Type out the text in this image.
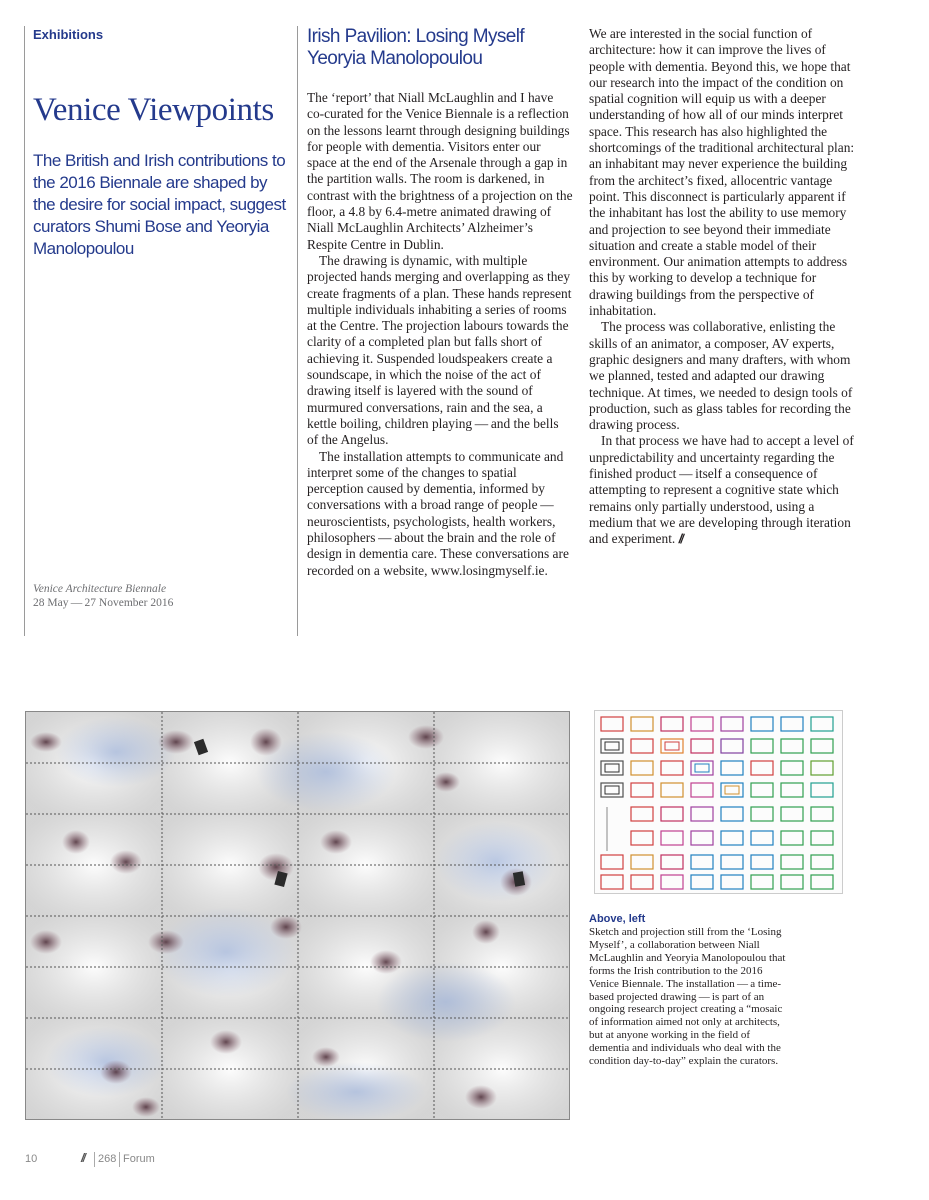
Exhibitions
Venice Viewpoints
The British and Irish contributions to the 2016 Biennale are shaped by the desire for social impact, suggest curators Shumi Bose and Yeoryia Manolopoulou
Venice Architecture Biennale
28 May — 27 November 2016
Irish Pavilion: Losing Myself
Yeoryia Manolopoulou

The ‘report’ that Niall McLaughlin and I have co-curated for the Venice Biennale is a reflection on the lessons learnt through designing buildings for people with dementia. Visitors enter our space at the end of the Arsenale through a gap in the partition walls. The room is darkened, in contrast with the brightness of a projection on the floor, a 4.8 by 6.4-metre animated drawing of Niall McLaughlin Architects’ Alzheimer’s Respite Centre in Dublin.

The drawing is dynamic, with multiple projected hands merging and overlapping as they create fragments of a plan. These hands represent multiple individuals inhabiting a series of rooms at the Centre. The projection labours towards the clarity of a completed plan but falls short of achieving it. Suspended loudspeakers create a soundscape, in which the noise of the act of drawing itself is layered with the sound of murmured conversations, rain and the sea, a kettle boiling, children playing — and the bells of the Angelus.

The installation attempts to communicate and interpret some of the changes to spatial perception caused by dementia, informed by conversations with a broad range of people — neuroscientists, psychologists, health workers, philosophers — about the brain and the role of design in dementia care. These conversations are recorded on a website, www.losingmyself.ie.

We are interested in the social function of architecture: how it can improve the lives of people with dementia. Beyond this, we hope that our research into the impact of the condition on spatial cognition will equip us with a deeper understanding of how all of our minds interpret space. This research has also highlighted the shortcomings of the traditional architectural plan: an inhabitant may never experience the building from the architect’s fixed, allocentric vantage point. This disconnect is particularly apparent if the inhabitant has lost the ability to use memory and projection to see beyond their immediate situation and create a stable model of their environment. Our animation attempts to address this by working to develop a technique for drawing buildings from the perspective of inhabitation.

The process was collaborative, enlisting the skills of an animator, a composer, AV experts, graphic designers and many drafters, with whom we planned, tested and adapted our drawing technique. At times, we needed to design tools of production, such as glass tables for recording the drawing process.

In that process we have had to accept a level of unpredictability and uncertainty regarding the finished product — itself a consequence of attempting to represent a cognitive state which remains only partially understood, using a medium that we are developing through iteration and experiment. /̸

Above, left
Sketch and projection still from the ‘Losing Myself’, a collaboration between Niall McLaughlin and Yeoryia Manolopoulou that forms the Irish contribution to the 2016 Venice Biennale. The installation — a time-based projected drawing — is part of an ongoing research project creating a “mosaic of information aimed not only at architects, but at anyone working in the field of dementia and individuals who deal with the condition day-to-day” explain the curators.
10	/̸ 268 Forum
